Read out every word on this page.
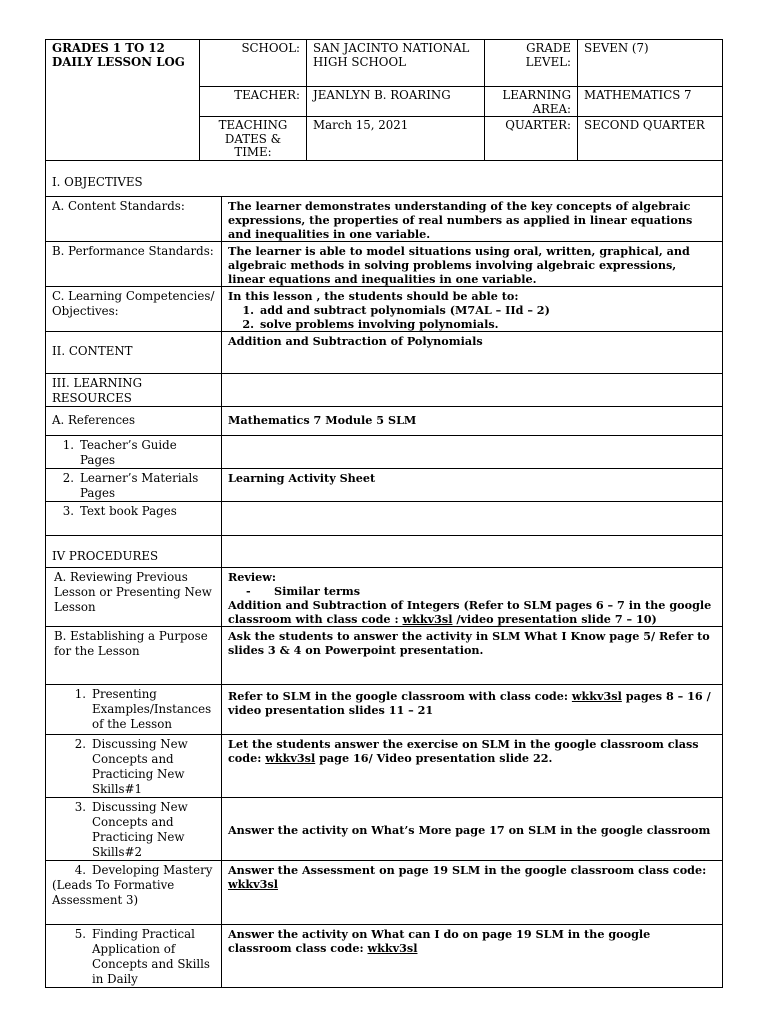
GRADES 1 TO 12 DAILY LESSON LOG	SCHOOL:	SAN JACINTO NATIONAL HIGH SCHOOL	GRADE LEVEL:	SEVEN (7)
	TEACHER:	JEANLYN B. ROARING	LEARNING AREA:	MATHEMATICS 7
	TEACHING DATES & TIME:	March 15, 2021	QUARTER:	SECOND QUARTER
I. OBJECTIVES	
A. Content Standards:	The learner demonstrates understanding of the key concepts of algebraic expressions, the properties of real numbers as applied in linear equations and inequalities in one variable.
B. Performance Standards:	The learner is able to model situations using oral, written, graphical, and algebraic methods in solving problems involving algebraic expressions, linear equations and inequalities in one variable.
C. Learning Competencies/ Objectives:	In this lesson , the students should be able to:
1. add and subtract polynomials (M7AL – IId – 2)
2. solve problems involving polynomials.

II. CONTENT	Addition and Subtraction of Polynomials
III. LEARNING RESOURCES	
A. References	Mathematics 7 Module 5 SLM

1. Teacher’s Guide Pages	

2. Learner’s Materials Pages	Learning Activity Sheet

3. Text book Pages	

IV PROCEDURES	
A. Reviewing Previous Lesson or Presenting New Lesson	Review:
- Similar terms
Addition and Subtraction of Integers (Refer to SLM pages 6 – 7 in the google classroom with class code : wkkv3sl /video presentation slide 7 – 10)

B. Establishing a Purpose for the Lesson	Ask the students to answer the activity in SLM What I Know page 5/ Refer to slides 3 & 4 on Powerpoint presentation.

1. Presenting Examples/Instances of the Lesson	Refer to SLM in the google classroom with class code: wkkv3sl pages 8 – 16 / video presentation slides 11 – 21

2. Discussing New Concepts and Practicing New Skills#1	Let the students answer the exercise on SLM in the google classroom class code: wkkv3sl page 16/ Video presentation slide 22.

3. Discussing New Concepts and Practicing New Skills#2	Answer the activity on What’s More page 17 on SLM in the google classroom

4. Developing Mastery
(Leads To Formative Assessment 3)	Answer the Assessment on page 19 SLM in the google classroom class code: wkkv3sl

5. Finding Practical Application of Concepts and Skills in Daily	Answer the activity on What can I do on page 19 SLM in the google classroom class code: wkkv3sl
